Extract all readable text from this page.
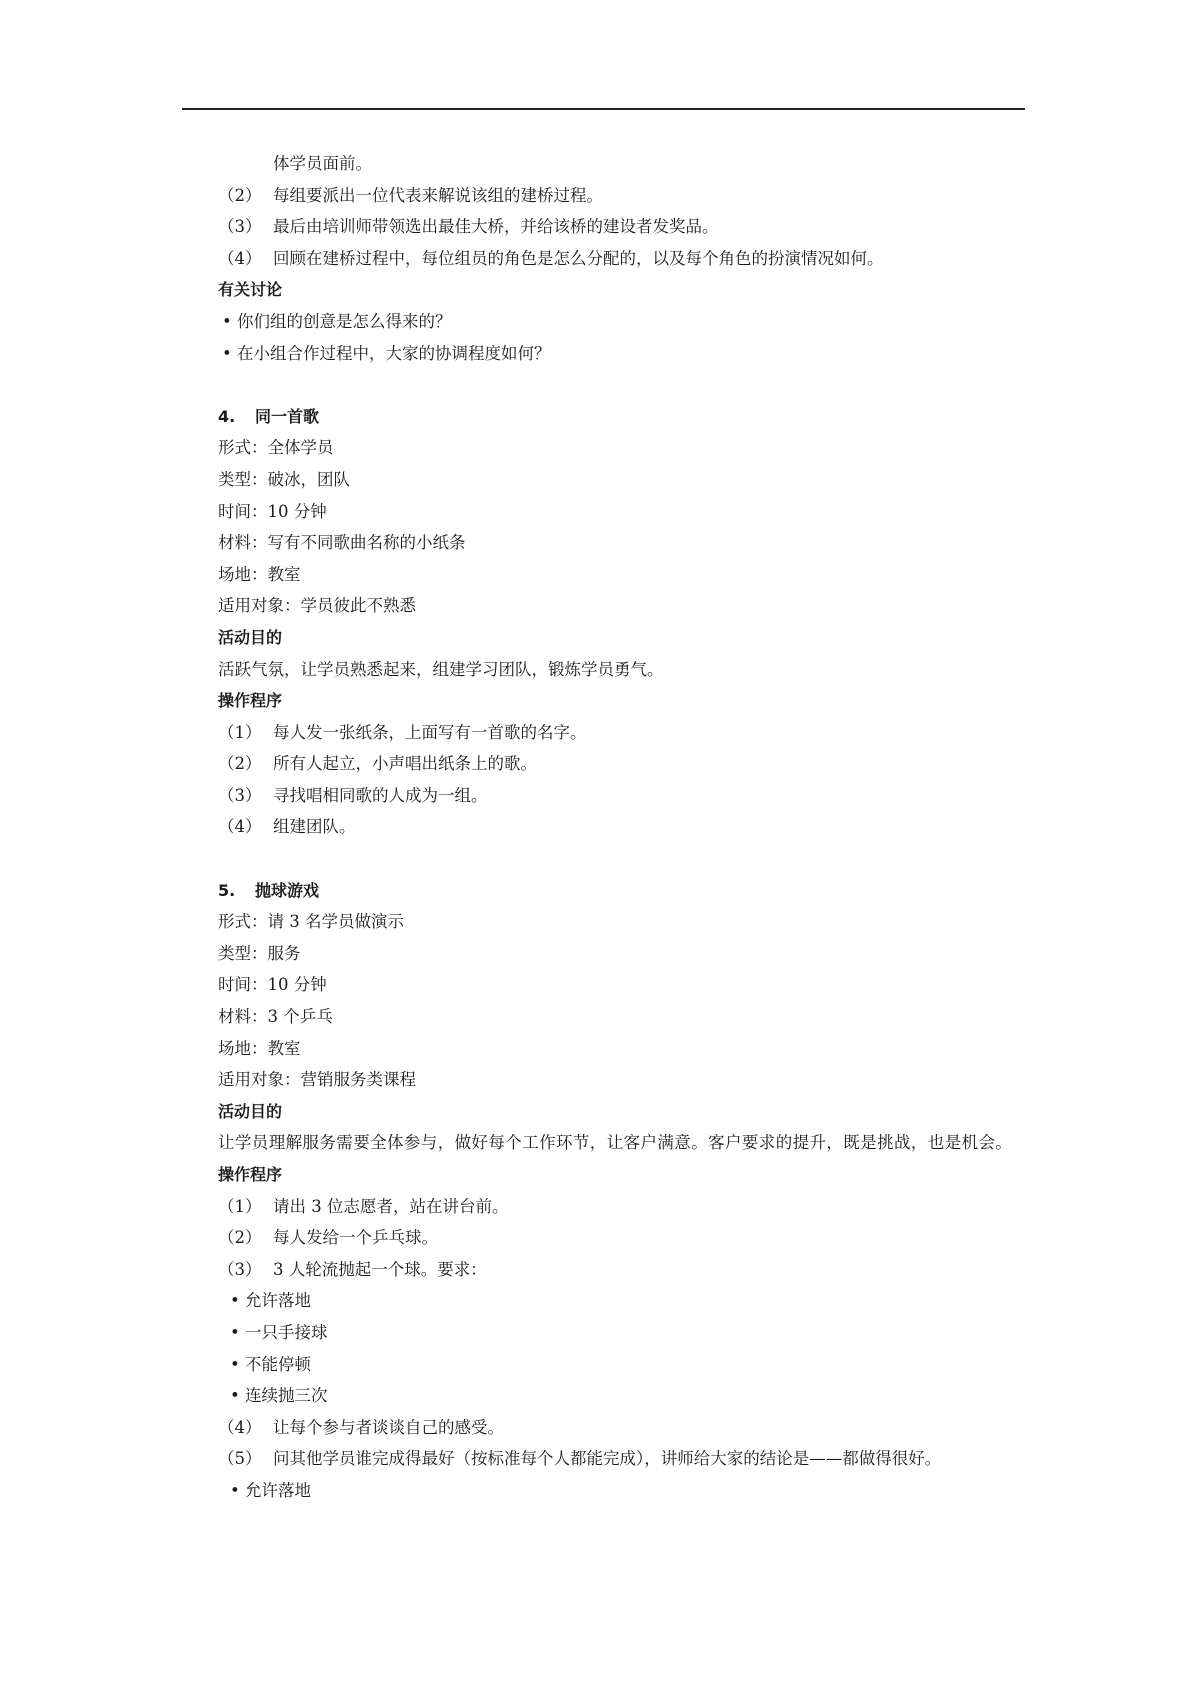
体学员面前。
（2） 每组要派出一位代表来解说该组的建桥过程。
（3） 最后由培训师带领选出最佳大桥，并给该桥的建设者发奖品。
（4） 回顾在建桥过程中，每位组员的角色是怎么分配的，以及每个角色的扮演情况如何。
有关讨论
• 你们组的创意是怎么得来的？
• 在小组合作过程中，大家的协调程度如何？
4. 同一首歌
形式：全体学员
类型：破冰，团队
时间：10 分钟
材料：写有不同歌曲名称的小纸条
场地：教室
适用对象：学员彼此不熟悉
活动目的
活跃气氛，让学员熟悉起来，组建学习团队，锻炼学员勇气。
操作程序
（1） 每人发一张纸条，上面写有一首歌的名字。
（2） 所有人起立，小声唱出纸条上的歌。
（3） 寻找唱相同歌的人成为一组。
（4） 组建团队。
5. 抛球游戏
形式：请 3 名学员做演示
类型：服务
时间：10 分钟
材料：3 个乒乓
场地：教室
适用对象：营销服务类课程
活动目的
让学员理解服务需要全体参与，做好每个工作环节，让客户满意。客户要求的提升，既是挑战，也是机会。
操作程序
（1） 请出 3 位志愿者，站在讲台前。
（2） 每人发给一个乒乓球。
（3） 3 人轮流抛起一个球。要求：
• 允许落地
• 一只手接球
• 不能停顿
• 连续抛三次
（4） 让每个参与者谈谈自己的感受。
（5） 问其他学员谁完成得最好（按标准每个人都能完成），讲师给大家的结论是——都做得很好。
• 允许落地
